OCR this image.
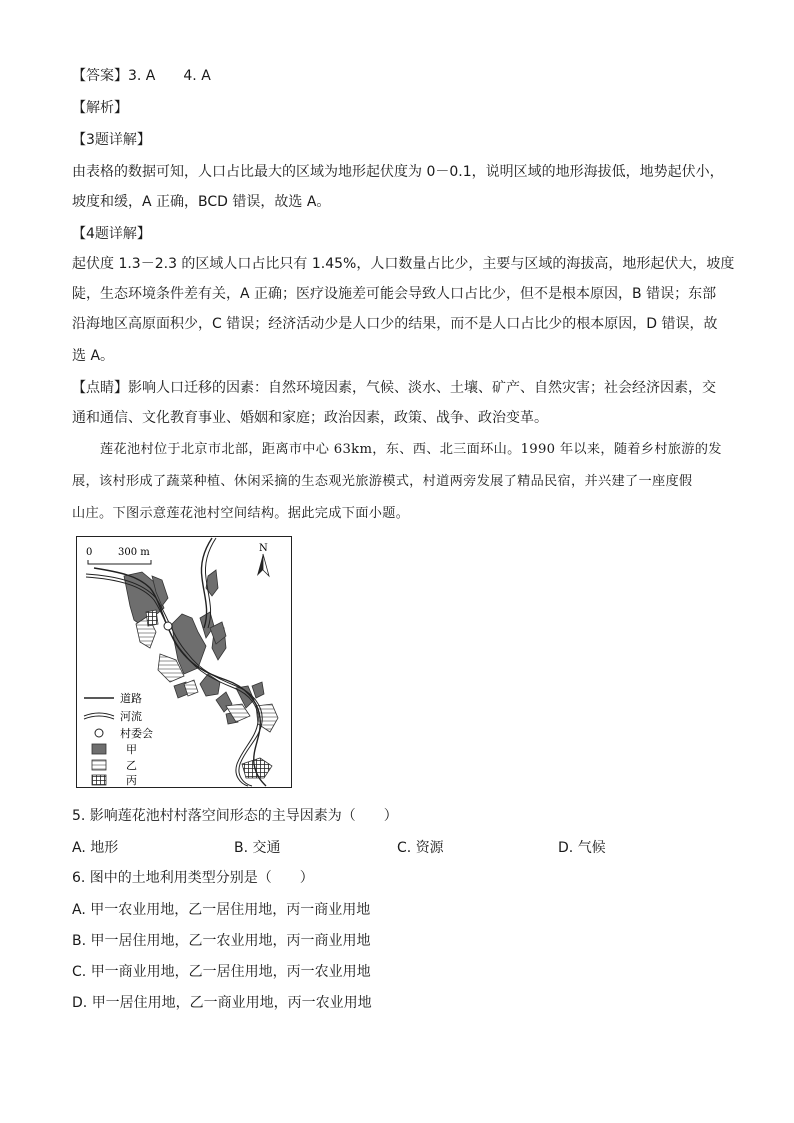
【答案】3. A　　4. A
【解析】
【3题详解】
由表格的数据可知，人口占比最大的区域为地形起伏度为 0－0.1，说明区域的地形海拔低，地势起伏小，
坡度和缓，A 正确，BCD 错误，故选 A。
【4题详解】
起伏度 1.3－2.3 的区域人口占比只有 1.45%，人口数量占比少，主要与区域的海拔高，地形起伏大，坡度
陡，生态环境条件差有关，A 正确；医疗设施差可能会导致人口占比少，但不是根本原因，B 错误；东部
沿海地区高原面积少，C 错误；经济活动少是人口少的结果，而不是人口占比少的根本原因，D 错误，故
选 A。
【点睛】影响人口迁移的因素：自然环境因素，气候、淡水、土壤、矿产、自然灾害；社会经济因素，交
通和通信、文化教育事业、婚姻和家庭；政治因素，政策、战争、政治变革。
莲花池村位于北京市北部，距离市中心 63km，东、西、北三面环山。1990 年以来，随着乡村旅游的发
展，该村形成了蔬菜种植、休闲采摘的生态观光旅游模式，村道两旁发展了精品民宿，并兴建了一座度假
山庄。下图示意莲花池村空间结构。据此完成下面小题。
0	300 m	N
道路
河流
村委会
甲
乙
丙
5. 影响莲花池村村落空间形态的主导因素为（　　）
A. 地形	B. 交通	C. 资源	D. 气候
6. 图中的土地利用类型分别是（　　）
A. 甲一农业用地，乙一居住用地，丙一商业用地
B. 甲一居住用地，乙一农业用地，丙一商业用地
C. 甲一商业用地，乙一居住用地，丙一农业用地
D. 甲一居住用地，乙一商业用地，丙一农业用地
